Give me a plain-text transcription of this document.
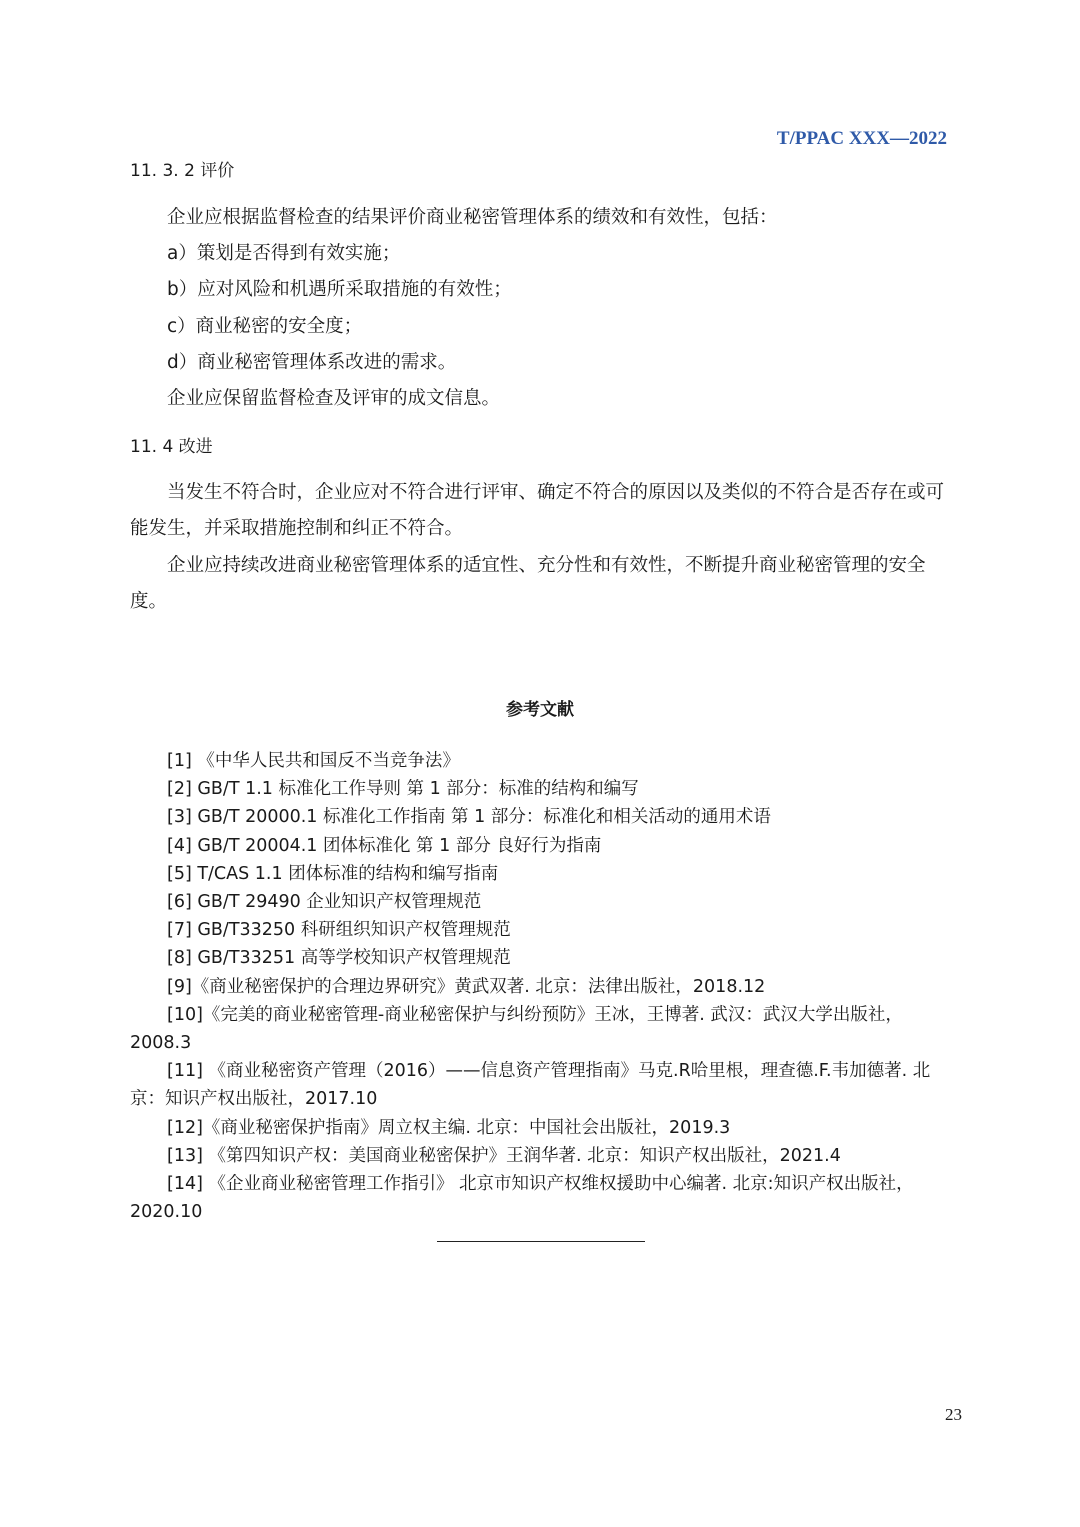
T/PPAC XXX—2022
11. 3. 2 评价

企业应根据监督检查的结果评价商业秘密管理体系的绩效和有效性，包括：

a）策划是否得到有效实施；

b）应对风险和机遇所采取措施的有效性；

c）商业秘密的安全度；

d）商业秘密管理体系改进的需求。

企业应保留监督检查及评审的成文信息。

11. 4 改进

当发生不符合时，企业应对不符合进行评审、确定不符合的原因以及类似的不符合是否存在或可能发生，并采取措施控制和纠正不符合。

企业应持续改进商业秘密管理体系的适宜性、充分性和有效性，不断提升商业秘密管理的安全度。

参考文献
[1] 《中华人民共和国反不当竞争法》
[2] GB/T 1.1 标准化工作导则 第 1 部分：标准的结构和编写
[3] GB/T 20000.1 标准化工作指南 第 1 部分：标准化和相关活动的通用术语
[4] GB/T 20004.1 团体标准化 第 1 部分 良好行为指南
[5] T/CAS 1.1 团体标准的结构和编写指南
[6] GB/T 29490 企业知识产权管理规范
[7] GB/T33250 科研组织知识产权管理规范
[8] GB/T33251 高等学校知识产权管理规范
[9]《商业秘密保护的合理边界研究》黄武双著. 北京：法律出版社，2018.12
[10]《完美的商业秘密管理-商业秘密保护与纠纷预防》王冰，王博著. 武汉：武汉大学出版社，2008.3
[11] 《商业秘密资产管理（2016）——信息资产管理指南》马克.R哈里根，理查德.F.韦加德著. 北京：知识产权出版社，2017.10
[12]《商业秘密保护指南》周立权主编. 北京：中国社会出版社，2019.3
[13] 《第四知识产权：美国商业秘密保护》王润华著. 北京：知识产权出版社，2021.4
[14] 《企业商业秘密管理工作指引》 北京市知识产权维权援助中心编著. 北京:知识产权出版社，2020.10
23
